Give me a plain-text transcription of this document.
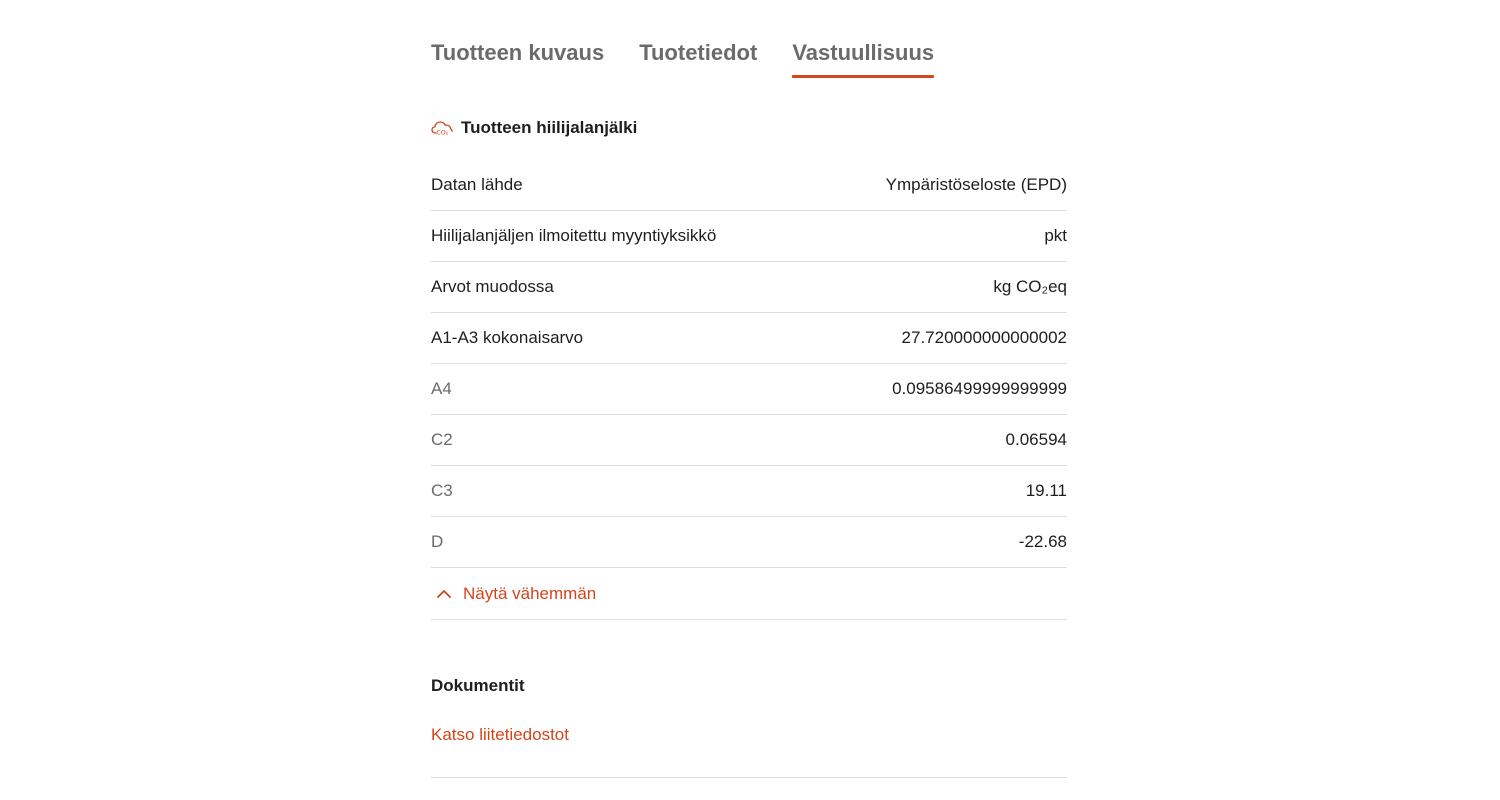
Tuotteen kuvaus Tuotetiedot Vastuullisuus
CO₂ Tuotteen hiilijalanjälki
Datan lähde	Ympäristöseloste (EPD)
Hiilijalanjäljen ilmoitettu myyntiyksikkö	pkt
Arvot muodossa	kg CO₂eq
A1-A3 kokonaisarvo	27.720000000000002
A4	0.09586499999999999
C2	0.06594
C3	19.11
D	-22.68
Näytä vähemmän
Dokumentit
Katso liitetiedostot
